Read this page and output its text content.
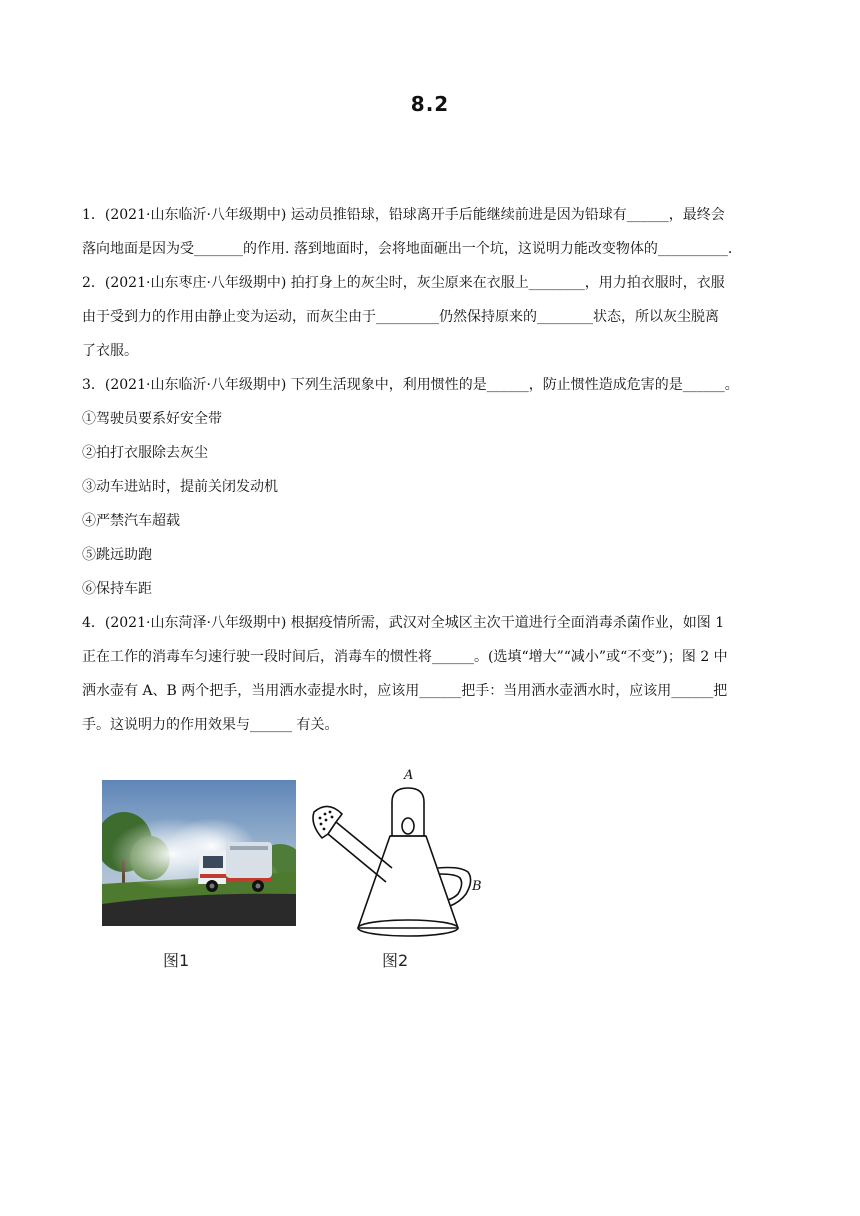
8.2

1．(2021·山东临沂·八年级期中) 运动员推铅球，铅球离开手后能继续前进是因为铅球有______，最终会

落向地面是因为受_______的作用. 落到地面时，会将地面砸出一个坑，这说明力能改变物体的__________.

2．(2021·山东枣庄·八年级期中) 拍打身上的灰尘时，灰尘原来在衣服上________，用力拍衣服时，衣服

由于受到力的作用由静止变为运动，而灰尘由于_________仍然保持原来的________状态，所以灰尘脱离

了衣服。

3．(2021·山东临沂·八年级期中) 下列生活现象中，利用惯性的是______，防止惯性造成危害的是______。

①驾驶员要系好安全带

②拍打衣服除去灰尘

③动车进站时，提前关闭发动机

④严禁汽车超载

⑤跳远助跑

⑥保持车距

4．(2021·山东菏泽·八年级期中) 根据疫情所需，武汉对全城区主次干道进行全面消毒杀菌作业，如图 1

正在工作的消毒车匀速行驶一段时间后，消毒车的惯性将______。(选填“增大”“减小”或“不变”)；图 2 中

洒水壶有 A、B 两个把手，当用洒水壶提水时，应该用______把手：当用洒水壶洒水时，应该用______把

手。这说明力的作用效果与______ 有关。

A
B
图1	图2
